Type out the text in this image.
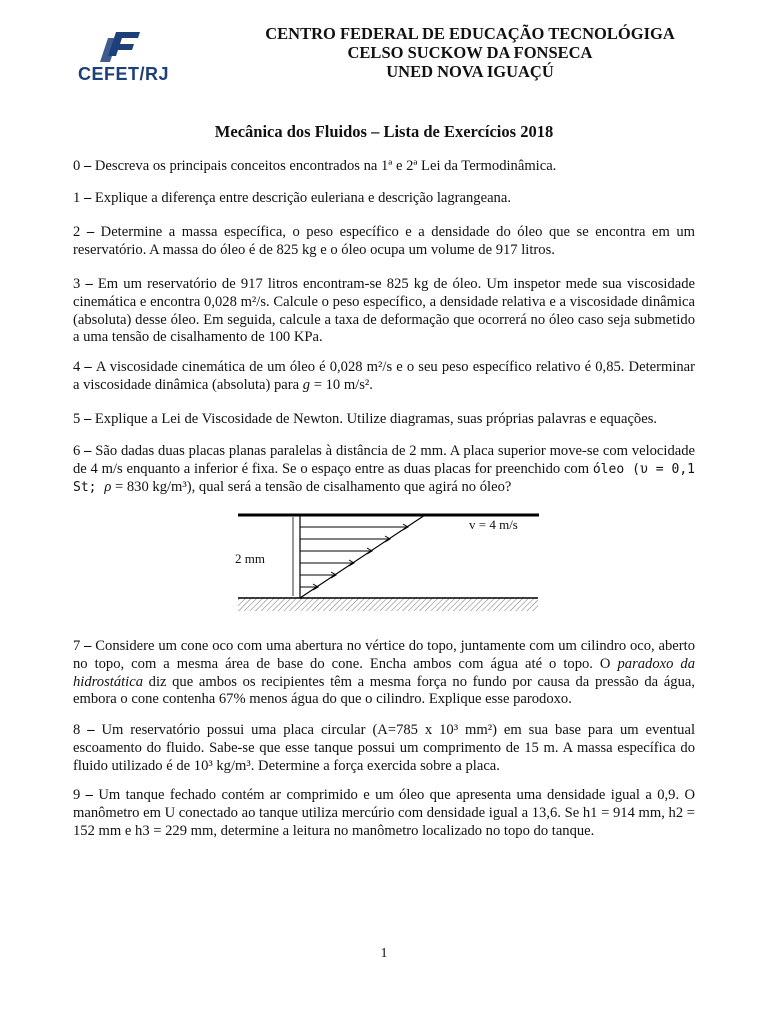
CEFET/RJ
CENTRO FEDERAL DE EDUCAÇÃO TECNOLÓGIGA
CELSO SUCKOW DA FONSECA
UNED NOVA IGUAÇÚ
Mecânica dos Fluidos – Lista de Exercícios 2018
0 – Descreva os principais conceitos encontrados na 1ª e 2ª Lei da Termodinâmica.
1 – Explique a diferença entre descrição euleriana e descrição lagrangeana.
2 – Determine a massa específica, o peso específico e a densidade do óleo que se encontra em um reservatório. A massa do óleo é de 825 kg e o óleo ocupa um volume de 917 litros.
3 – Em um reservatório de 917 litros encontram-se 825 kg de óleo. Um inspetor mede sua viscosidade cinemática e encontra 0,028 m²/s. Calcule o peso específico, a densidade relativa e a viscosidade dinâmica (absoluta) desse óleo. Em seguida, calcule a taxa de deformação que ocorrerá no óleo caso seja submetido a uma tensão de cisalhamento de 100 KPa.
4 – A viscosidade cinemática de um óleo é 0,028 m²/s e o seu peso específico relativo é 0,85. Determinar a viscosidade dinâmica (absoluta) para g = 10 m/s².
5 – Explique a Lei de Viscosidade de Newton. Utilize diagramas, suas próprias palavras e equações.
6 – São dadas duas placas planas paralelas à distância de 2 mm. A placa superior move-se com velocidade de 4 m/s enquanto a inferior é fixa. Se o espaço entre as duas placas for preenchido com óleo (υ = 0,1 St; ρ = 830 kg/m³), qual será a tensão de cisalhamento que agirá no óleo?
v = 4 m/s
2 mm
7 – Considere um cone oco com uma abertura no vértice do topo, juntamente com um cilindro oco, aberto no topo, com a mesma área de base do cone. Encha ambos com água até o topo. O paradoxo da hidrostática diz que ambos os recipientes têm a mesma força no fundo por causa da pressão da água, embora o cone contenha 67% menos água do que o cilindro. Explique esse parodoxo.
8 – Um reservatório possui uma placa circular (A=785 x 10³ mm²) em sua base para um eventual escoamento do fluido. Sabe-se que esse tanque possui um comprimento de 15 m. A massa específica do fluido utilizado é de 10³ kg/m³. Determine a força exercida sobre a placa.
9 – Um tanque fechado contém ar comprimido e um óleo que apresenta uma densidade igual a 0,9. O manômetro em U conectado ao tanque utiliza mercúrio com densidade igual a 13,6. Se h1 = 914 mm, h2 = 152 mm e h3 = 229 mm, determine a leitura no manômetro localizado no topo do tanque.
1
